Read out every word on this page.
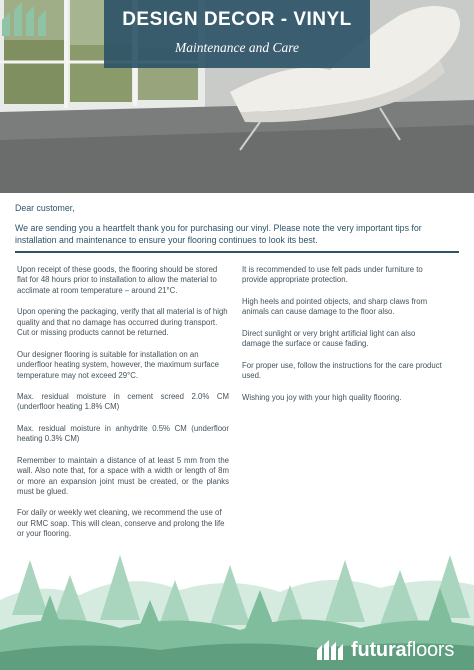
DESIGN DECOR - VINYL
Maintenance and Care

Dear customer,

We are sending you a heartfelt thank you for purchasing our vinyl. Please note the very important tips for installation and maintenance to ensure your flooring continues to look its best.

Upon receipt of these goods, the flooring should be stored flat for 48 hours prior to installation to allow the material to acclimate at room temperature – around 21°C.

Upon opening the packaging, verify that all material is of high quality and that no damage has occurred during transport. Cut or missing products cannot be returned.

Our designer flooring is suitable for installation on an underfloor heating system, however, the maximum surface temperature may not exceed 29°C.

Max. residual moisture in cement screed 2.0% CM (underfloor heating 1.8% CM)

Max. residual moisture in anhydrite 0.5% CM (underfloor heating 0.3% CM)

Remember to maintain a distance of at least 5 mm from the wall. Also note that, for a space with a width or length of 8m or more an expansion joint must be created, or the planks must be glued.

For daily or weekly wet cleaning, we recommend the use of our RMC soap. This will clean, conserve and prolong the life or your flooring.

It is recommended to use felt pads under furniture to provide appropriate protection.

High heels and pointed objects, and sharp claws from animals can cause damage to the floor also.

Direct sunlight or very bright artificial light can also damage the surface or cause fading.

For proper use, follow the instructions for the care product used.

Wishing you joy with your high quality flooring.

futurafloors
